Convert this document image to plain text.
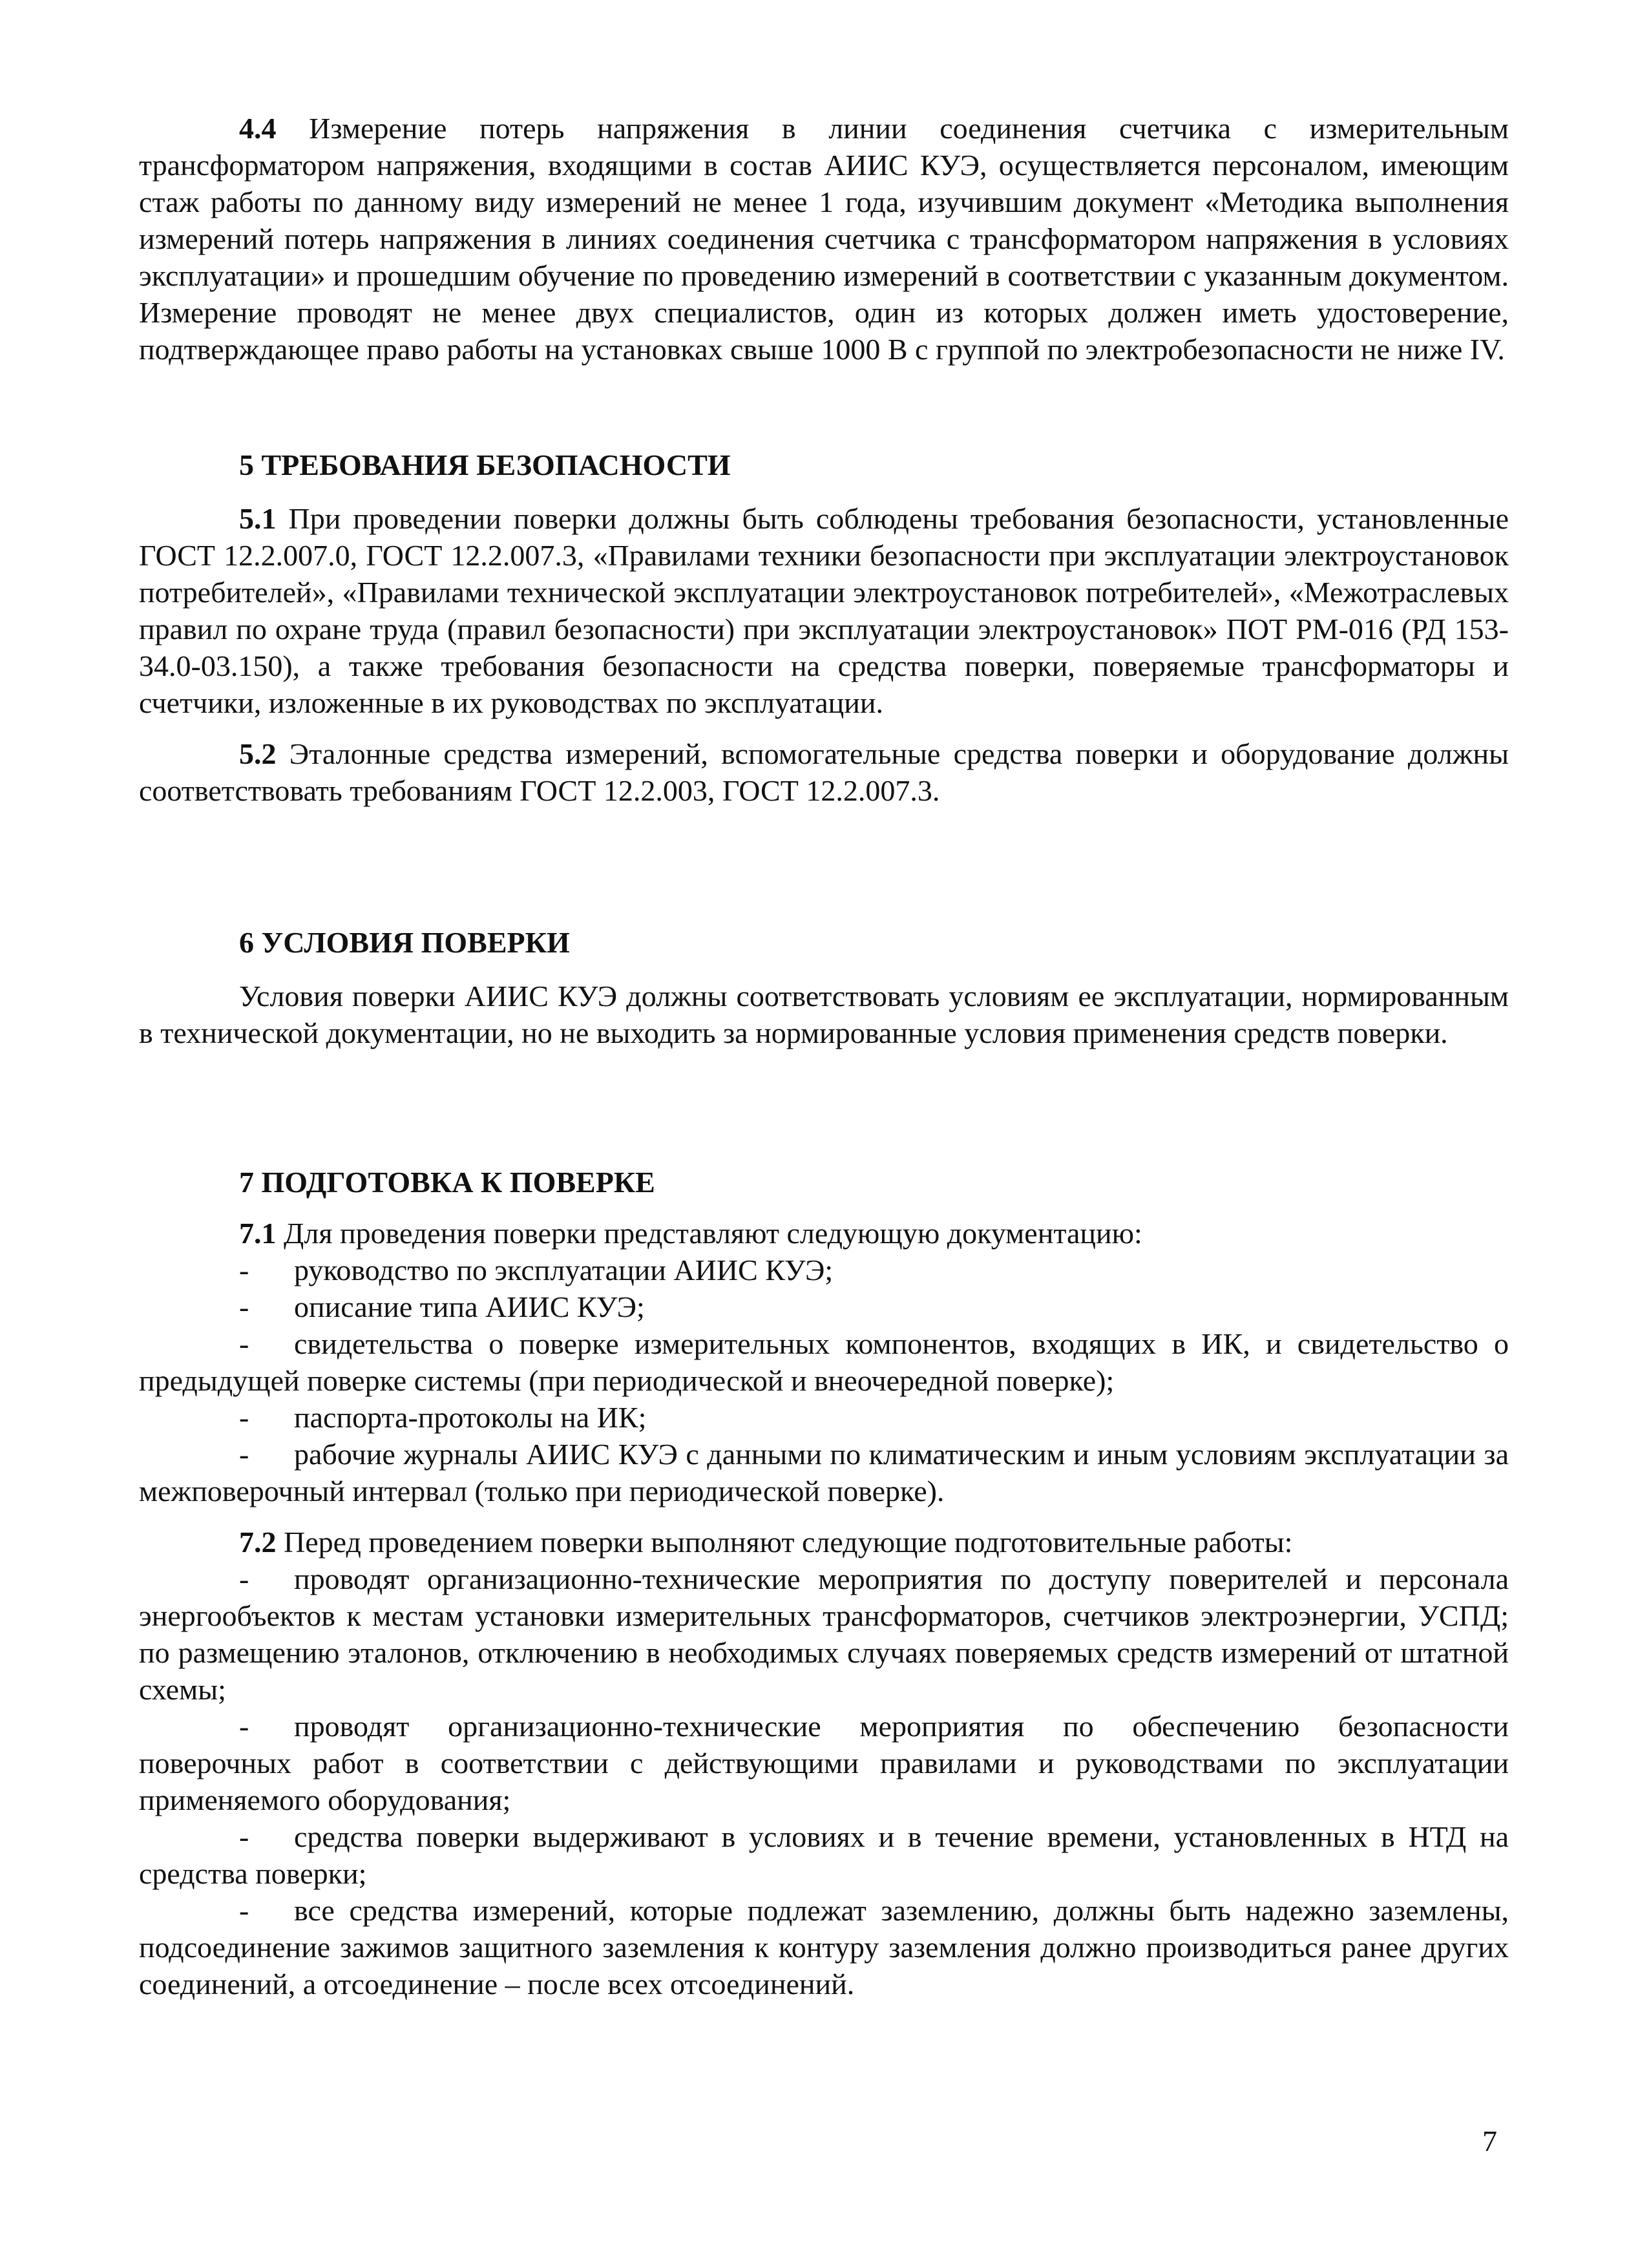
4.4 Измерение потерь напряжения в линии соединения счетчика с измерительным трансформатором напряжения, входящими в состав АИИС КУЭ, осуществляется персоналом, имеющим стаж работы по данному виду измерений не менее 1 года, изучившим документ «Методика выполнения измерений потерь напряжения в линиях соединения счетчика с трансформатором напряжения в условиях эксплуатации» и прошедшим обучение по проведению измерений в соответствии с указанным документом. Измерение проводят не менее двух специалистов, один из которых должен иметь удостоверение, подтверждающее право работы на установках свыше 1000 В с группой по электробезопасности не ниже IV.

5 ТРЕБОВАНИЯ БЕЗОПАСНОСТИ

5.1 При проведении поверки должны быть соблюдены требования безопасности, установленные ГОСТ 12.2.007.0, ГОСТ 12.2.007.3, «Правилами техники безопасности при эксплуатации электроустановок потребителей», «Правилами технической эксплуатации электроустановок потребителей», «Межотраслевых правил по охране труда (правил безопасности) при эксплуатации электроустановок» ПОТ РМ-016 (РД 153-34.0-03.150), а также требования безопасности на средства поверки, поверяемые трансформаторы и счетчики, изложенные в их руководствах по эксплуатации.

5.2 Эталонные средства измерений, вспомогательные средства поверки и оборудование должны соответствовать требованиям ГОСТ 12.2.003, ГОСТ 12.2.007.3.

6 УСЛОВИЯ ПОВЕРКИ

Условия поверки АИИС КУЭ должны соответствовать условиям ее эксплуатации, нормированным в технической документации, но не выходить за нормированные условия применения средств поверки.

7 ПОДГОТОВКА К ПОВЕРКЕ

7.1 Для проведения поверки представляют следующую документацию:

- руководство по эксплуатации АИИС КУЭ;

- описание типа АИИС КУЭ;

- свидетельства о поверке измерительных компонентов, входящих в ИК, и свидетельство о предыдущей поверке системы (при периодической и внеочередной поверке);

- паспорта-протоколы на ИК;

- рабочие журналы АИИС КУЭ с данными по климатическим и иным условиям эксплуатации за межповерочный интервал (только при периодической поверке).

7.2 Перед проведением поверки выполняют следующие подготовительные работы:

- проводят организационно-технические мероприятия по доступу поверителей и персонала энергообъектов к местам установки измерительных трансформаторов, счетчиков электроэнергии, УСПД; по размещению эталонов, отключению в необходимых случаях поверяемых средств измерений от штатной схемы;

- проводят организационно-технические мероприятия по обеспечению безопасности поверочных работ в соответствии с действующими правилами и руководствами по эксплуатации применяемого оборудования;

- средства поверки выдерживают в условиях и в течение времени, установленных в НТД на средства поверки;

- все средства измерений, которые подлежат заземлению, должны быть надежно заземлены, подсоединение зажимов защитного заземления к контуру заземления должно производиться ранее других соединений, а отсоединение – после всех отсоединений.

7
